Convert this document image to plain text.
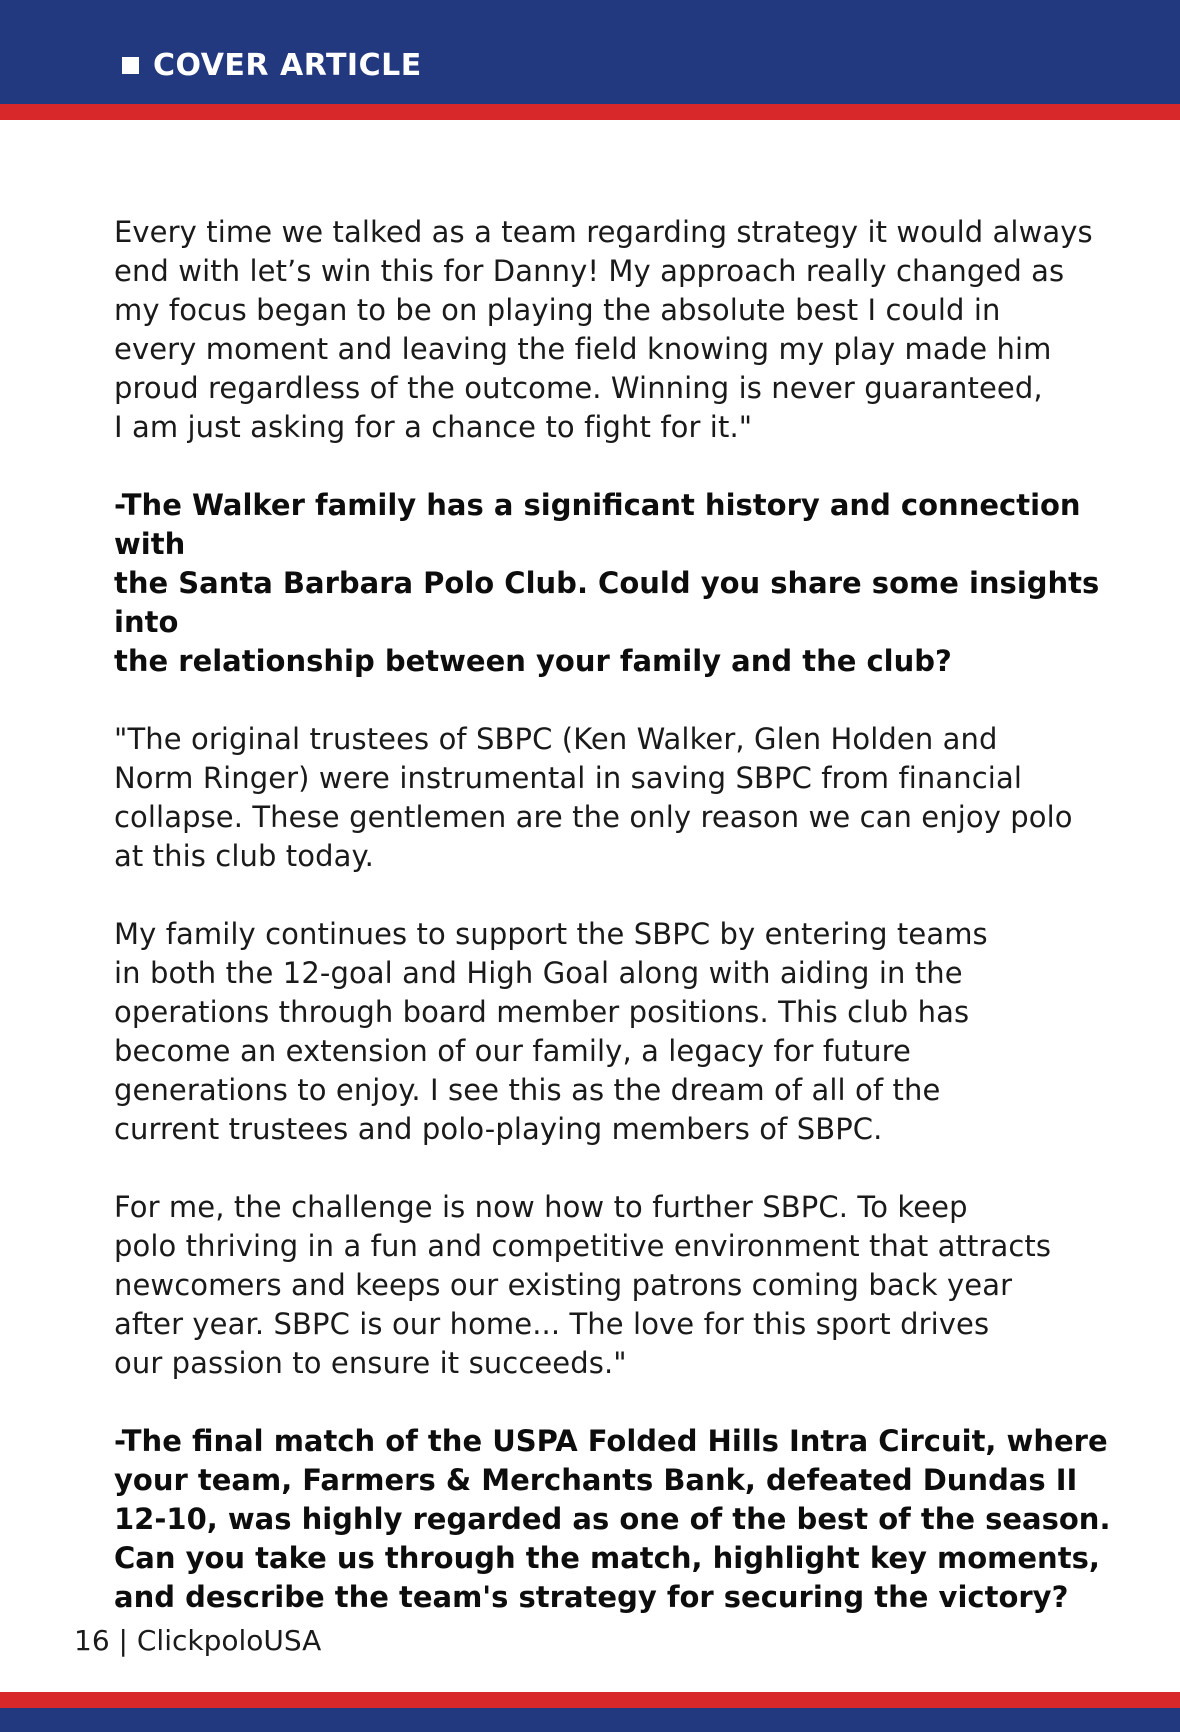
COVER ARTICLE

Every time we talked as a team regarding strategy it would always
end with let’s win this for Danny! My approach really changed as
my focus began to be on playing the absolute best I could in
every moment and leaving the field knowing my play made him
proud regardless of the outcome. Winning is never guaranteed,
I am just asking for a chance to fight for it."

-The Walker family has a significant history and connection with
the Santa Barbara Polo Club. Could you share some insights into
the relationship between your family and the club?

"The original trustees of SBPC (Ken Walker, Glen Holden and
Norm Ringer) were instrumental in saving SBPC from financial
collapse. These gentlemen are the only reason we can enjoy polo
at this club today.

My family continues to support the SBPC by entering teams
in both the 12-goal and High Goal along with aiding in the
operations through board member positions. This club has
become an extension of our family, a legacy for future
generations to enjoy. I see this as the dream of all of the
current trustees and polo-playing members of SBPC.

For me, the challenge is now how to further SBPC. To keep
polo thriving in a fun and competitive environment that attracts
newcomers and keeps our existing patrons coming back year
after year. SBPC is our home... The love for this sport drives
our passion to ensure it succeeds."

-The final match of the USPA Folded Hills Intra Circuit, where
your team, Farmers & Merchants Bank, defeated Dundas II
12-10, was highly regarded as one of the best of the season.
Can you take us through the match, highlight key moments,
and describe the team's strategy for securing the victory?

16 | ClickpoloUSA
